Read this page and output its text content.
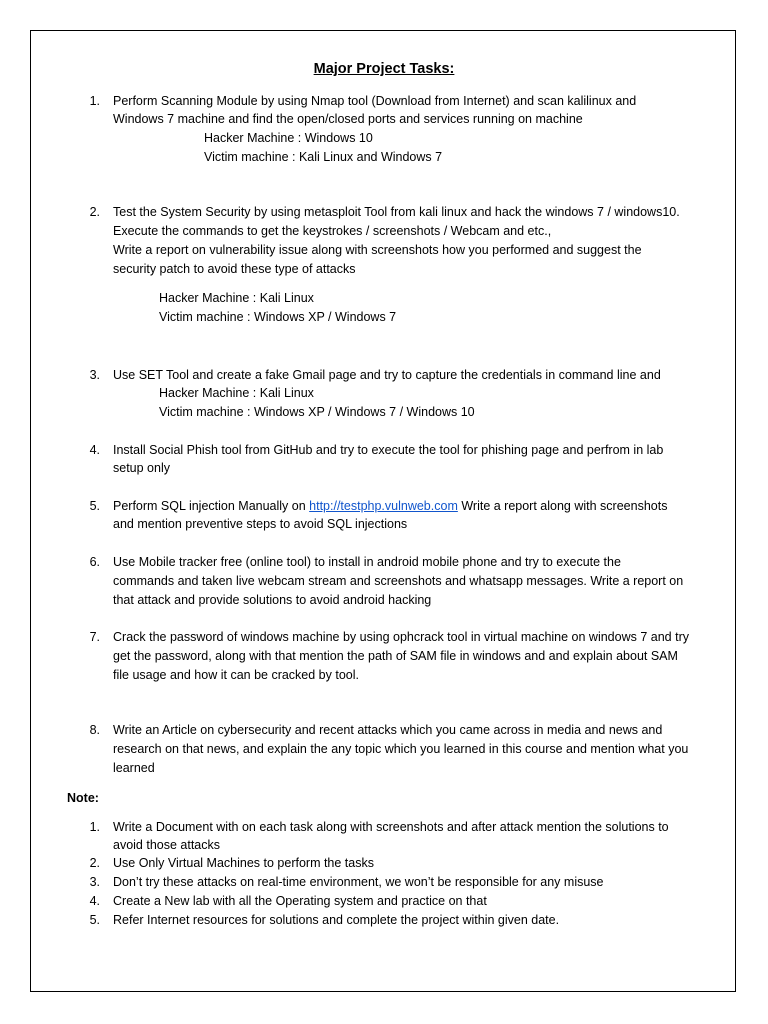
Major Project Tasks:
1. Perform Scanning Module by using Nmap tool (Download from Internet) and scan kalilinux and
Windows 7 machine and find the open/closed ports and services running on machine
Hacker Machine : Windows 10
Victim machine : Kali Linux and Windows 7
2. Test the System Security by using metasploit Tool from kali linux and hack the windows 7 / windows10.
Execute the commands to get the keystrokes / screenshots / Webcam and etc.,
Write a report on vulnerability issue along with screenshots how you performed and suggest the
security patch to avoid these type of attacks
Hacker Machine : Kali Linux
Victim machine : Windows XP / Windows 7
3. Use SET Tool and create a fake Gmail page and try to capture the credentials in command line and
Hacker Machine : Kali Linux
Victim machine : Windows XP / Windows 7 / Windows 10
4. Install Social Phish tool from GitHub and try to execute the tool for phishing page and perfrom in lab
setup only
5. Perform SQL injection Manually on http://testphp.vulnweb.com Write a report along with screenshots
and mention preventive steps to avoid SQL injections
6. Use Mobile tracker free (online tool) to install in android mobile phone and try to execute the
commands and taken live webcam stream and screenshots and whatsapp messages. Write a report on
that attack and provide solutions to avoid android hacking
7. Crack the password of windows machine by using ophcrack tool in virtual machine on windows 7 and try
get the password, along with that mention the path of SAM file in windows and and explain about SAM
file usage and how it can be cracked by tool.
8. Write an Article on cybersecurity and recent attacks which you came across in media and news and
research on that news, and explain the any topic which you learned in this course and mention what you
learned
Note:
1. Write a Document with on each task along with screenshots and after attack mention the solutions to
avoid those attacks
2. Use Only Virtual Machines to perform the tasks
3. Don’t try these attacks on real-time environment, we won’t be responsible for any misuse
4. Create a New lab with all the Operating system and practice on that
5. Refer Internet resources for solutions and complete the project within given date.
